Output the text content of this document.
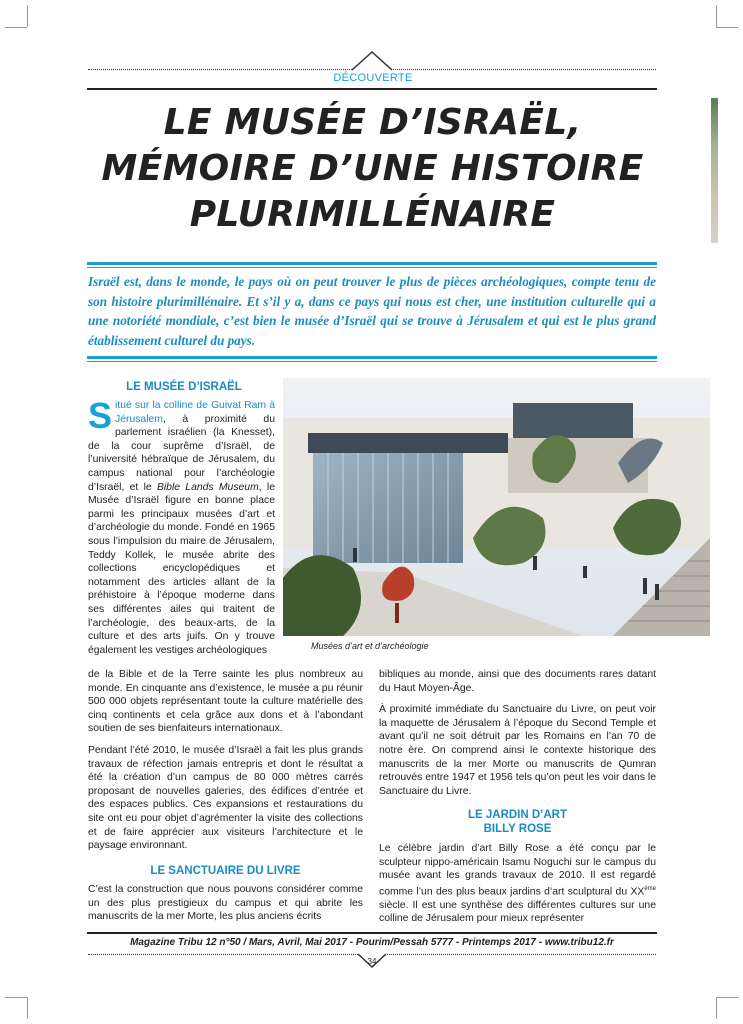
DÉCOUVERTE
LE MUSÉE D’ISRAËL,
MÉMOIRE D’UNE HISTOIRE
PLURIMILLÉNAIRE

Israël est, dans le monde, le pays où on peut trouver le plus de pièces archéologiques, compte tenu de son histoire plurimillénaire. Et s’il y a, dans ce pays qui nous est cher, une institution culturelle qui a une notoriété mondiale, c’est bien le musée d’Israël qui se trouve à Jérusalem et qui est le plus grand établissement culturel du pays.

LE MUSÉE D’ISRAËL
Situé sur la colline de Guivat Ram à Jérusalem, à proximité du parlement israélien (la Knesset), de la cour suprême d’Israël, de l’université hébraïque de Jérusalem, du campus national pour l’archéologie d’Israël, et le Bible Lands Museum, le Musée d’Israël figure en bonne place parmi les principaux musées d’art et d’archéologie du monde. Fondé en 1965 sous l’impulsion du maire de Jérusalem, Teddy Kollek, le musée abrite des collections encyclopédiques et notamment des articles allant de la préhistoire à l’époque moderne dans ses différentes ailes qui traitent de l’archéologie, des beaux-arts, de la culture et des arts juifs. On y trouve également les vestiges archéologiques	Musées d’art et d’archéologie

de la Bible et de la Terre sainte les plus nombreux au monde. En cinquante ans d’existence, le musée a pu réunir 500 000 objets représentant toute la culture matérielle des cinq continents et cela grâce aux dons et à l’abondant soutien de ses bienfaiteurs internationaux.

Pendant l’été 2010, le musée d’Israël a fait les plus grands travaux de réfection jamais entrepris et dont le résultat a été la création d’un campus de 80 000 mètres carrés proposant de nouvelles galeries, des édifices d’entrée et des espaces publics. Ces expansions et restaurations du site ont eu pour objet d’agrémenter la visite des collections et de faire apprécier aux visiteurs l’architecture et le paysage environnant.

LE SANCTUAIRE DU LIVRE

C’est la construction que nous pouvons considérer comme un des plus prestigieux du campus et qui abrite les manuscrits de la mer Morte, les plus anciens écrits

bibliques au monde, ainsi que des documents rares datant du Haut Moyen-Âge.

À proximité immédiate du Sanctuaire du Livre, on peut voir la maquette de Jérusalem à l’époque du Second Temple et avant qu’il ne soit détruit par les Romains en l’an 70 de notre ère. On comprend ainsi le contexte historique des manuscrits de la mer Morte ou manuscrits de Qumran retrouvés entre 1947 et 1956 tels qu’on peut les voir dans le Sanctuaire du Livre.

LE JARDIN D’ART
BILLY ROSE

Le célèbre jardin d’art Billy Rose a été conçu par le sculpteur nippo-américain Isamu Noguchi sur le campus du musée avant les grands travaux de 2010. Il est regardé comme l’un des plus beaux jardins d’art sculptural du XXème siècle. Il est une synthèse des différentes cultures sur une colline de Jérusalem pour mieux représenter

Magazine Tribu 12 n°50 / Mars, Avril, Mai 2017 - Pourim/Pessah 5777 - Printemps 2017 - www.tribu12.fr

34
